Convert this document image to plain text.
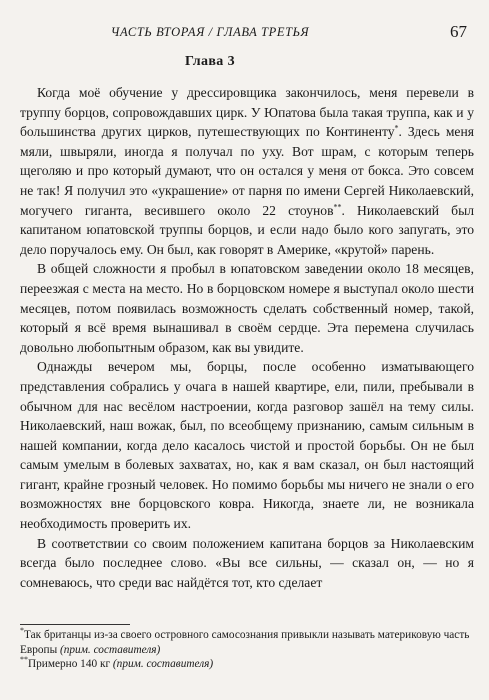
ЧАСТЬ ВТОРАЯ / ГЛАВА ТРЕТЬЯ	67
Глава 3

Когда моё обучение у дрессировщика закончилось, меня перевели в труппу борцов, сопровождавших цирк. У Юпатова была такая труппа, как и у большинства других цирков, путешествующих по Континенту*. Здесь меня мяли, швыряли, иногда я получал по уху. Вот шрам, с которым теперь щеголяю и про который думают, что он остался у меня от бокса. Это совсем не так! Я получил это «украшение» от парня по имени Сергей Николаевский, могучего гиганта, весившего около 22 стоунов**. Николаевский был капитаном юпатовской труппы борцов, и если надо было кого запугать, это дело поручалось ему. Он был, как говорят в Америке, «крутой» парень.

В общей сложности я пробыл в юпатовском заведении около 18 месяцев, переезжая с места на место. Но в борцовском номере я выступал около шести месяцев, потом появилась возможность сделать собственный номер, такой, который я всё время вынашивал в своём сердце. Эта перемена случилась довольно любопытным образом, как вы увидите.

Однажды вечером мы, борцы, после особенно изматывающего представления собрались у очага в нашей квартире, ели, пили, пребывали в обычном для нас весёлом настроении, когда разговор зашёл на тему силы. Николаевский, наш вожак, был, по всеобщему признанию, самым сильным в нашей компании, когда дело касалось чистой и простой борьбы. Он не был самым умелым в болевых захватах, но, как я вам сказал, он был настоящий гигант, крайне грозный человек. Но помимо борьбы мы ничего не знали о его возможностях вне борцовского ковра. Никогда, знаете ли, не возникала необходимость проверить их.

В соответствии со своим положением капитана борцов за Николаевским всегда было последнее слово. «Вы все сильны, — сказал он, — но я сомневаюсь, что среди вас найдётся тот, кто сделает

*Так британцы из-за своего островного самосознания привыкли называть материковую часть Европы (прим. составителя)

**Примерно 140 кг (прим. составителя)
